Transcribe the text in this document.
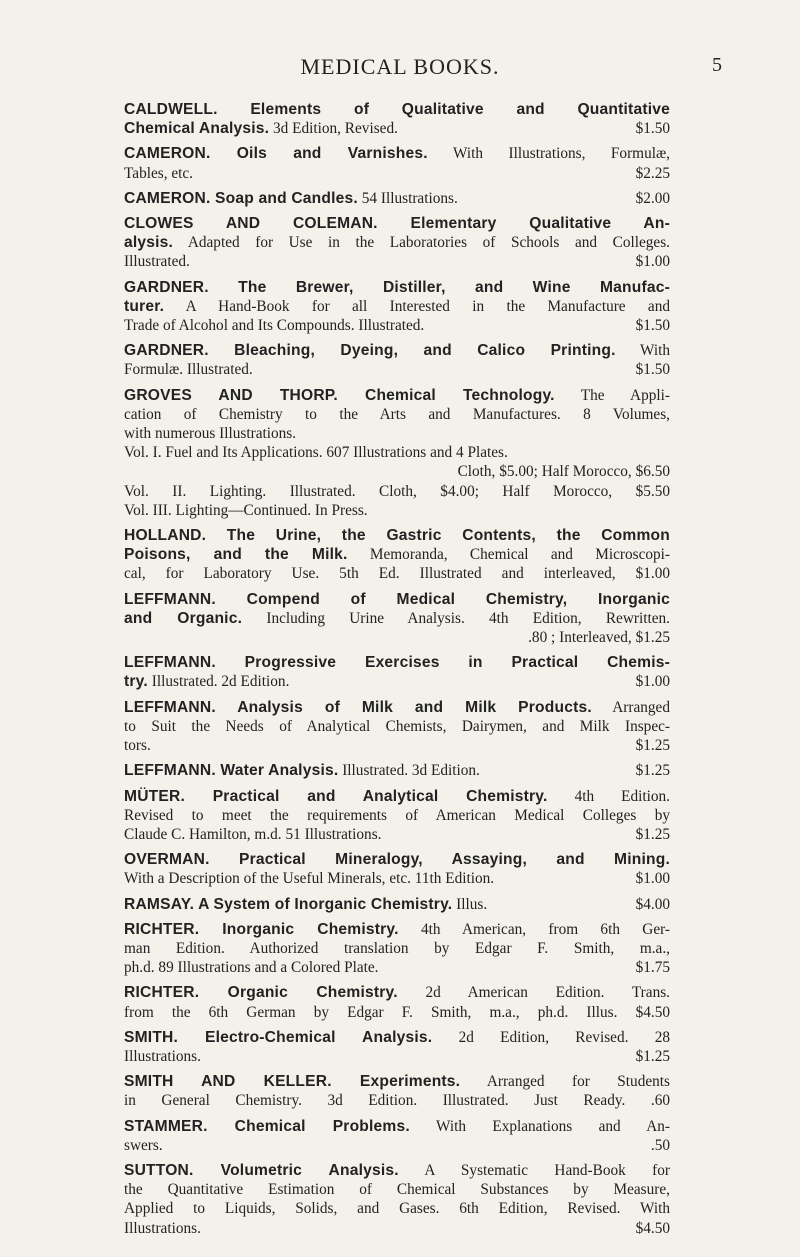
MEDICAL BOOKS.	5
CALDWELL. Elements of Qualitative and Quantitative
Chemical Analysis. 3d Edition, Revised.	$1.50
CAMERON. Oils and Varnishes. With Illustrations, Formulæ,
Tables, etc.	$2.25
CAMERON. Soap and Candles. 54 Illustrations.	$2.00
CLOWES AND COLEMAN. Elementary Qualitative An-
alysis. Adapted for Use in the Laboratories of Schools and Colleges.
Illustrated.	$1.00
GARDNER. The Brewer, Distiller, and Wine Manufac-
turer. A Hand-Book for all Interested in the Manufacture and
Trade of Alcohol and Its Compounds. Illustrated.	$1.50
GARDNER. Bleaching, Dyeing, and Calico Printing. With
Formulæ. Illustrated.	$1.50
GROVES AND THORP. Chemical Technology. The Appli-
cation of Chemistry to the Arts and Manufactures. 8 Volumes,
with numerous Illustrations.
Vol. I. Fuel and Its Applications. 607 Illustrations and 4 Plates.
Cloth, $5.00; Half Morocco, $6.50
Vol. II. Lighting. Illustrated. Cloth, $4.00; Half Morocco, $5.50
Vol. III. Lighting—Continued. In Press.
HOLLAND. The Urine, the Gastric Contents, the Common
Poisons, and the Milk. Memoranda, Chemical and Microscopi-
cal, for Laboratory Use. 5th Ed. Illustrated and interleaved, $1.00
LEFFMANN. Compend of Medical Chemistry, Inorganic
and Organic. Including Urine Analysis. 4th Edition, Rewritten.
.80 ; Interleaved, $1.25
LEFFMANN. Progressive Exercises in Practical Chemis-
try. Illustrated. 2d Edition.	$1.00
LEFFMANN. Analysis of Milk and Milk Products. Arranged
to Suit the Needs of Analytical Chemists, Dairymen, and Milk Inspec-
tors.	$1.25
LEFFMANN. Water Analysis. Illustrated. 3d Edition.	$1.25
MÜTER. Practical and Analytical Chemistry. 4th Edition.
Revised to meet the requirements of American Medical Colleges by
Claude C. Hamilton, m.d. 51 Illustrations.	$1.25
OVERMAN. Practical Mineralogy, Assaying, and Mining.
With a Description of the Useful Minerals, etc. 11th Edition.	$1.00
RAMSAY. A System of Inorganic Chemistry. Illus.	$4.00
RICHTER. Inorganic Chemistry. 4th American, from 6th Ger-
man Edition. Authorized translation by Edgar F. Smith, m.a.,
ph.d. 89 Illustrations and a Colored Plate.	$1.75
RICHTER. Organic Chemistry. 2d American Edition. Trans.
from the 6th German by Edgar F. Smith, m.a., ph.d. Illus. $4.50
SMITH. Electro-Chemical Analysis. 2d Edition, Revised. 28
Illustrations.	$1.25
SMITH AND KELLER. Experiments. Arranged for Students
in General Chemistry. 3d Edition. Illustrated. Just Ready. .60
STAMMER. Chemical Problems. With Explanations and An-
swers.	.50
SUTTON. Volumetric Analysis. A Systematic Hand-Book for
the Quantitative Estimation of Chemical Substances by Measure,
Applied to Liquids, Solids, and Gases. 6th Edition, Revised. With
Illustrations.	$4.50
